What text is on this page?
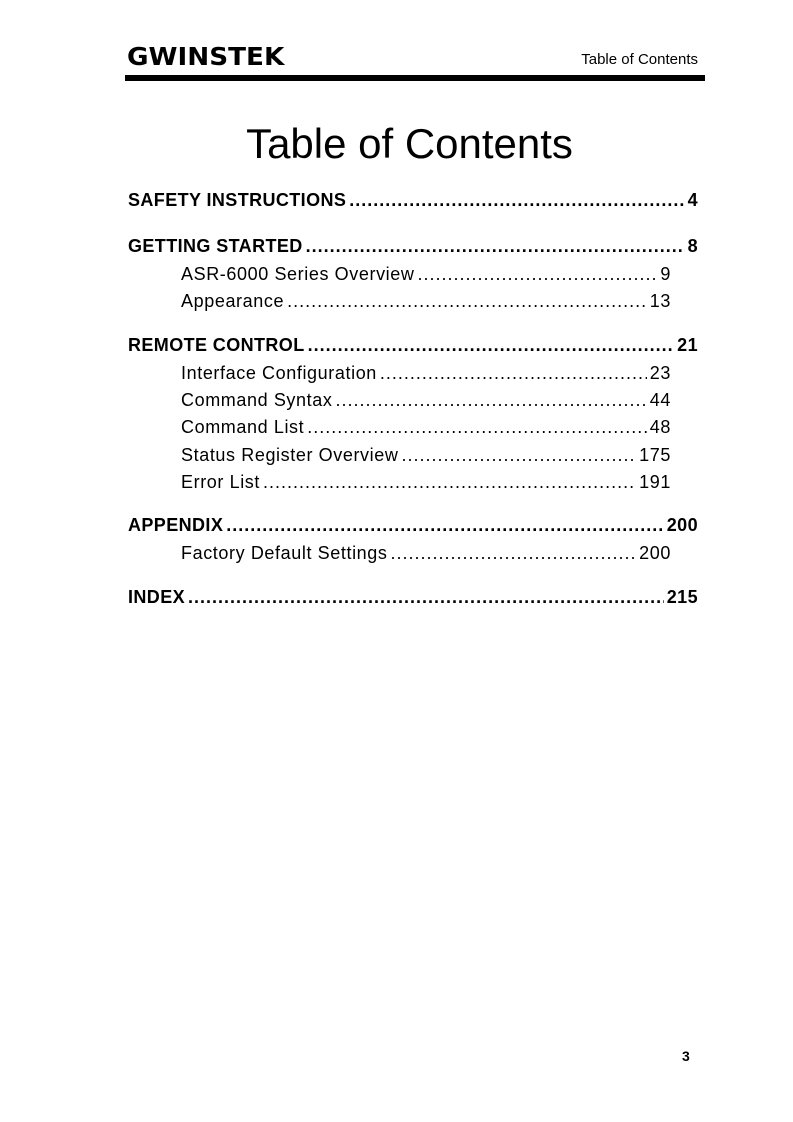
GWINSTEK	Table of Contents
Table of Contents
SAFETY INSTRUCTIONS .....	4
GETTING STARTED .....	8
ASR-6000 Series Overview .....	9
Appearance .....	13
REMOTE CONTROL .....	21
Interface Configuration .....	23
Command Syntax .....	44
Command List .....	48
Status Register Overview .....	175
Error List .....	191
APPENDIX .....	200
Factory Default Settings .....	200
INDEX .....	215
3
